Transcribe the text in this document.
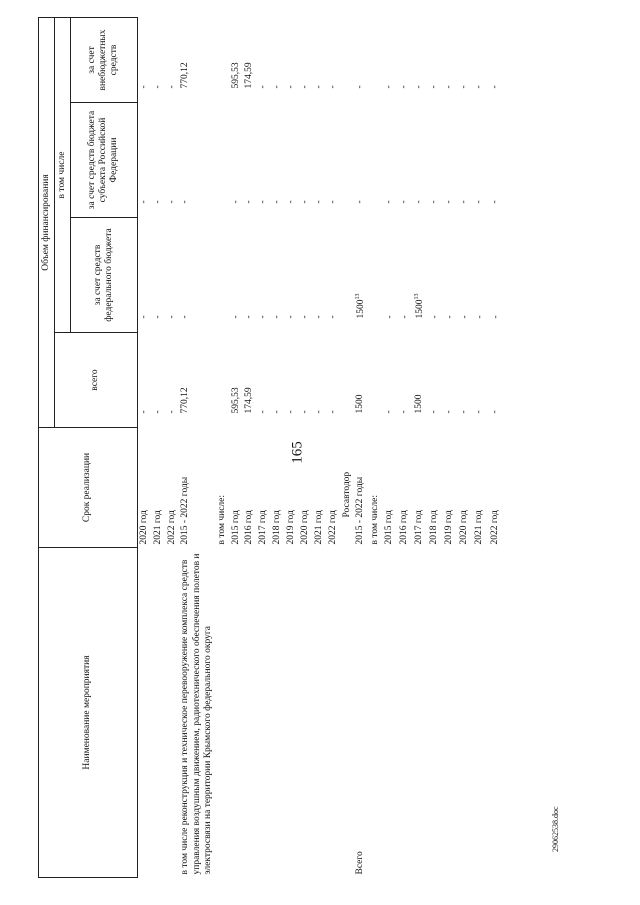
165
29062538.doc
Наименование мероприятия	Срок реализации	Объем финансирования			
		всего	в том числе		
			за счет средств федерального бюджета	за счет средств бюджета субъекта Российской Федерации	за счет внебюджетных средств
	2020 год	-	-	-	-
	2021 год	-	-	-	-
	2022 год	-	-	-	-
в том числе реконструкция и техническое перевооружение комплекса средств управления воздушным движением, радиотехнического обеспечения полетов и электросвязи на территории Крымского федерального округа	2015 - 2022 годы	770,12	-	-	770,12
	в том числе:				
	2015 год	595,53	-	-	595,53
	2016 год	174,59	-	-	174,59
	2017 год	-	-	-	-
	2018 год	-	-	-	-
	2019 год	-	-	-	-
	2020 год	-	-	-	-
	2021 год	-	-	-	-
	2022 год	-	-	-	-
Росавтодор					
Всего	2015 - 2022 годы	1500	1500$^{13}$	-	-
	в том числе:				
	2015 год	-	-	-	-
	2016 год	-	-	-	-
	2017 год	1500	1500$^{13}$	-	-
	2018 год	-	-	-	-
	2019 год	-	-	-	-
	2020 год	-	-	-	-
	2021 год	-	-	-	-
	2022 год	-	-	-	-
